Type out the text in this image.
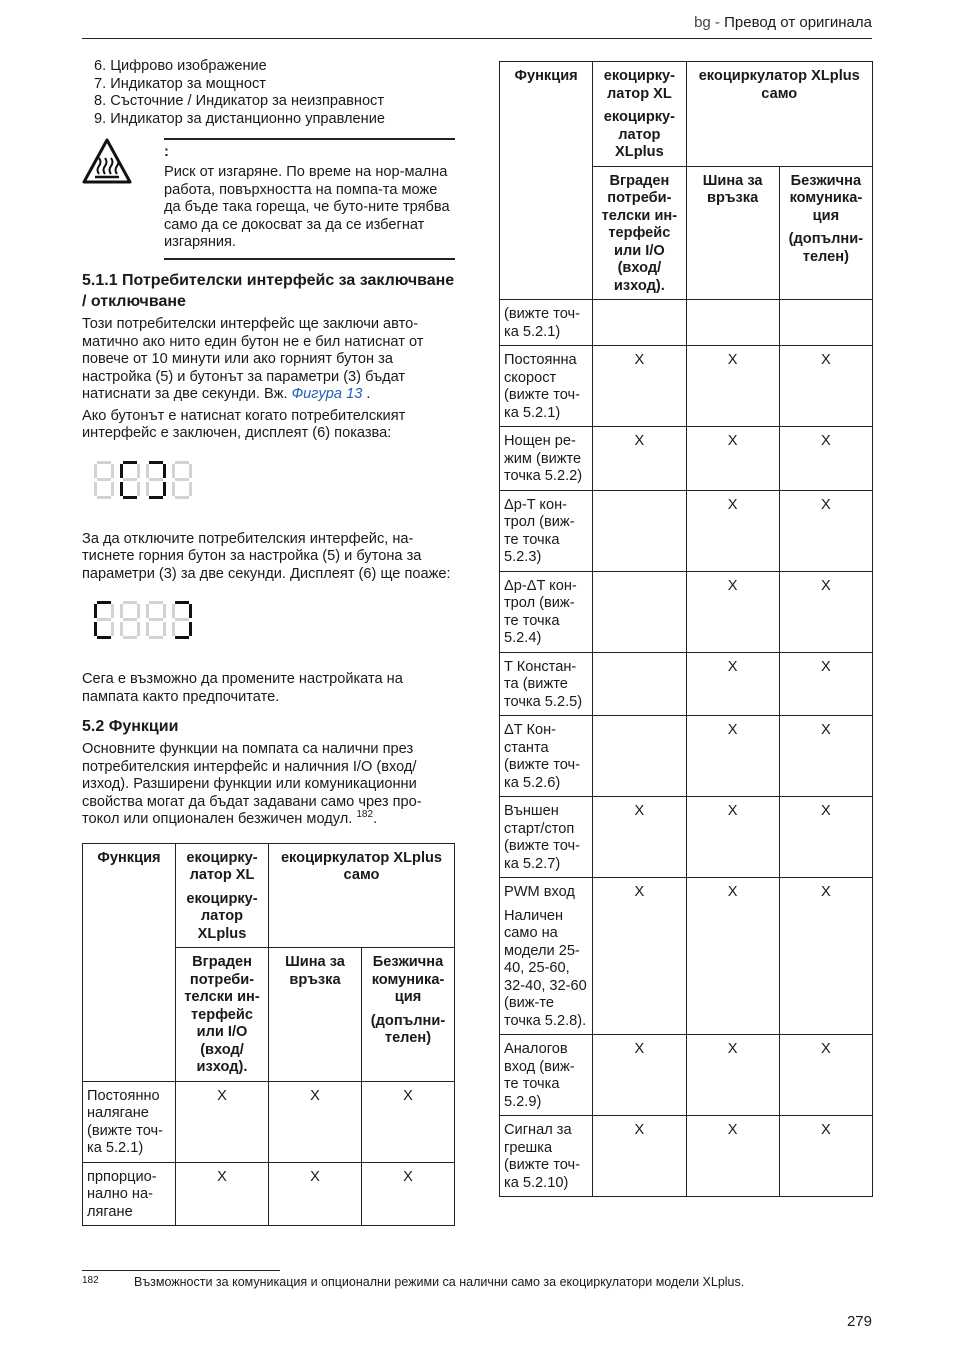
bg - Превод от оригинала
6. Цифрово изображение
7. Индикатор за мощност
8. Състочние / Индикатор за неизправност
9. Индикатор за дистанционно управление
:
Риск от изгаряне. По време на нор-мална работа, повърхността на помпа-та може да бъде така гореща, че буто-ните трябва само да се докосват за да се избегнат изгаряния.
5.1.1 Потребителски интерфейс за заключване / отключване

Този потребителски интерфейс ще заключи авто-матично ако нито един бутон не е бил натиснат от повече от 10 минути или ако горният бутон за настройка (5) и бутонът за параметри (3) бъдат натиснати за две секунди. Вж. Фигура 13 .

Ако бутонът е натиснат когато потребителският интерфейс е заключен, дисплеят (6) показва:

За да отключите потребителския интерфейс, на-тиснете горния бутон за настройка (5) и бутона за параметри (3) за две секунди. Дисплеят (6) ще поаже:

Сега е възможно да промените настройката на пампата както предпочитате.

5.2 Функции

Основните функции на помпата са налични през потребителския интерфейс и наличния I/O (вход/изход). Разширени функции или комуникационни свойства могат да бъдат задавани само чрез про-токол или опционален безжичен модул. $^{182}$.

Функция	екоцирку-латор XL
екоцирку-латор XLplus	екоциркулатор XLplus само	
	Вграден потреби-телски ин-терфейс или I/O (вход/ изход).	Шина за връзка	Безжична комуника-ция
(допълни-телен)

Постоянно налягане (вижте точ-ка 5.2.1)	X	X	X
прпорцио-нално на-лягане	X	X	X
Функция	екоцирку-латор XL
екоцирку-латор XLplus	екоциркулатор XLplus само	
	Вграден потреби-телски ин-терфейс или I/O (вход/ изход).	Шина за връзка	Безжична комуника-ция
(допълни-телен)

(вижте точ-ка 5.2.1)			
Постоянна скорост (вижте точ-ка 5.2.1)	X	X	X
Нощен ре-жим (вижте точка 5.2.2)	X	X	X
Δp-T кон-трол (виж-те точка 5.2.3)		X	X
Δp-ΔT кон-трол (виж-те точка 5.2.4)		X	X
T Констан-та (вижте точка 5.2.5)		X	X
ΔT Кон-станта (вижте точ-ка 5.2.6)		X	X
Външен старт/стоп (вижте точ-ка 5.2.7)	X	X	X
PWM вход
Наличен само на модели 25-40, 25-60, 32-40, 32-60 (виж-те точка 5.2.8).	X	X	X
Аналогов вход (виж-те точка 5.2.9)	X	X	X
Сигнал за грешка (вижте точ-ка 5.2.10)	X	X	X
182	Възможности за комуникация и опционални режими са налични само за екоциркулатори модели XLplus.
279
